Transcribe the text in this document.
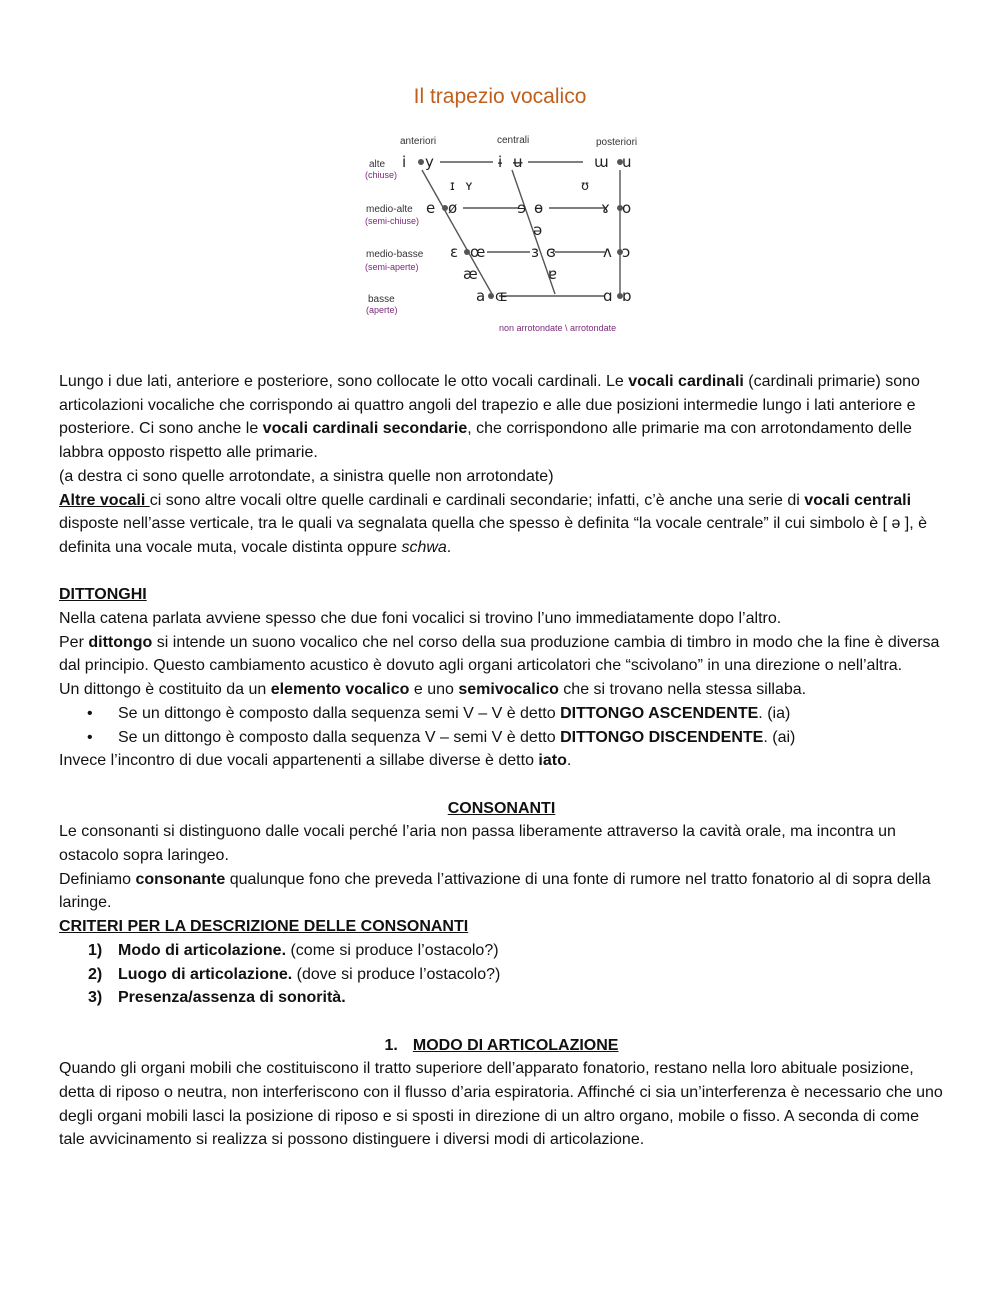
Il trapezio vocalico
anteriori	centrali	posteriori
alte
(chiuse)
medio-alte
(semi-chiuse)
medio-basse
(semi-aperte)
basse
(aperte)
i y	ɨ ʉ	ɯ u
ɪ ʏ	ʊ
e ø	ɘ ɵ	ɤ o
ə
ɛ œ	ɜ ɞ	ʌ ɔ
æ	ɐ
a ɶ	ɑ ɒ
non arrotondate \ arrotondate

Lungo i due lati, anteriore e posteriore, sono collocate le otto vocali cardinali. Le vocali cardinali (cardinali primarie) sono articolazioni vocaliche che corrispondo ai quattro angoli del trapezio e alle due posizioni intermedie lungo i lati anteriore e posteriore. Ci sono anche le vocali cardinali secondarie, che corrispondono alle primarie ma con arrotondamento delle labbra opposto rispetto alle primarie.

(a destra ci sono quelle arrotondate, a sinistra quelle non arrotondate)

Altre vocali ci sono altre vocali oltre quelle cardinali e cardinali secondarie; infatti, c’è anche una serie di vocali centrali disposte nell’asse verticale, tra le quali va segnalata quella che spesso è definita “la vocale centrale” il cui simbolo è [ ə ], è definita una vocale muta, vocale distinta oppure schwa.

DITTONGHI

Nella catena parlata avviene spesso che due foni vocalici si trovino l’uno immediatamente dopo l’altro.

Per dittongo si intende un suono vocalico che nel corso della sua produzione cambia di timbro in modo che la fine è diversa dal principio. Questo cambiamento acustico è dovuto agli organi articolatori che “scivolano” in una direzione o nell’altra.

Un dittongo è costituito da un elemento vocalico e uno semivocalico che si trovano nella stessa sillaba.

• Se un dittongo è composto dalla sequenza semi V – V è detto DITTONGO ASCENDENTE. (ia)
• Se un dittongo è composto dalla sequenza V – semi V è detto DITTONGO DISCENDENTE. (ai)

Invece l’incontro di due vocali appartenenti a sillabe diverse è detto iato.

CONSONANTI

Le consonanti si distinguono dalle vocali perché l’aria non passa liberamente attraverso la cavità orale, ma incontra un ostacolo sopra laringeo.

Definiamo consonante qualunque fono che preveda l’attivazione di una fonte di rumore nel tratto fonatorio al di sopra della laringe.

CRITERI PER LA DESCRIZIONE DELLE CONSONANTI

1) Modo di articolazione. (come si produce l’ostacolo?)
2) Luogo di articolazione. (dove si produce l’ostacolo?)
3) Presenza/assenza di sonorità.

1. MODO DI ARTICOLAZIONE

Quando gli organi mobili che costituiscono il tratto superiore dell’apparato fonatorio, restano nella loro abituale posizione, detta di riposo o neutra, non interferiscono con il flusso d’aria espiratoria. Affinché ci sia un’interferenza è necessario che uno degli organi mobili lasci la posizione di riposo e si sposti in direzione di un altro organo, mobile o fisso. A seconda di come tale avvicinamento si realizza si possono distinguere i diversi modi di articolazione.
